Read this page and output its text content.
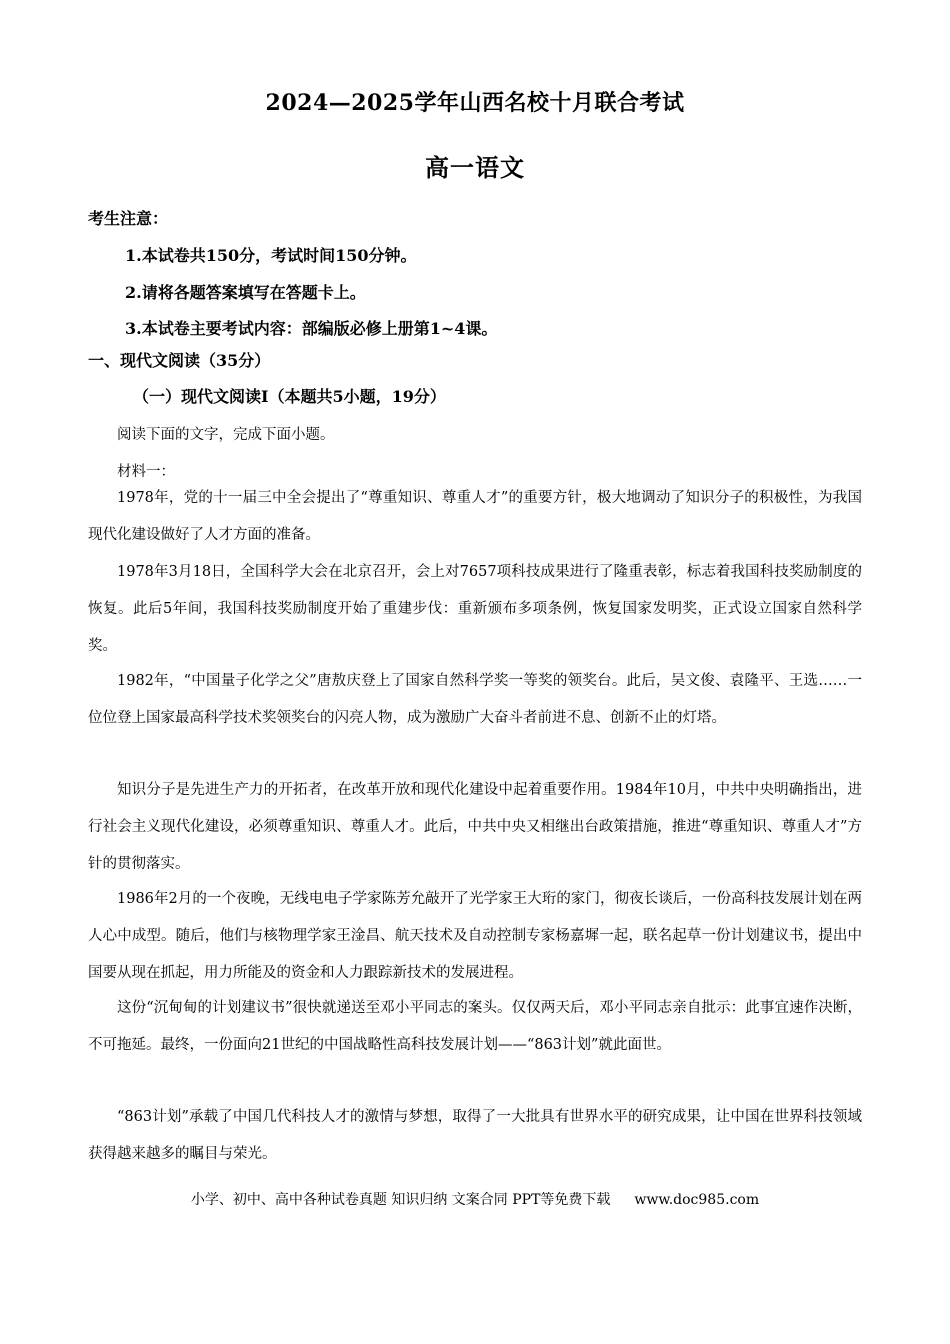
2024—2025学年山西名校十月联合考试
高一语文
考生注意：
1.本试卷共150分，考试时间150分钟。
2.请将各题答案填写在答题卡上。
3.本试卷主要考试内容：部编版必修上册第1~4课。
一、现代文阅读（35分）
（一）现代文阅读Ⅰ（本题共5小题，19分）
阅读下面的文字，完成下面小题。
材料一：
1978年，党的十一届三中全会提出了“尊重知识、尊重人才”的重要方针，极大地调动了知识分子的积极性，为我国现代化建设做好了人才方面的准备。
1978年3月18日，全国科学大会在北京召开，会上对7657项科技成果进行了隆重表彰，标志着我国科技奖励制度的恢复。此后5年间，我国科技奖励制度开始了重建步伐：重新颁布多项条例，恢复国家发明奖，正式设立国家自然科学奖。
1982年，“中国量子化学之父”唐敖庆登上了国家自然科学奖一等奖的领奖台。此后，吴文俊、袁隆平、王选……一位位登上国家最高科学技术奖领奖台的闪亮人物，成为激励广大奋斗者前进不息、创新不止的灯塔。
知识分子是先进生产力的开拓者，在改革开放和现代化建设中起着重要作用。1984年10月，中共中央明确指出，进行社会主义现代化建设，必须尊重知识、尊重人才。此后，中共中央又相继出台政策措施，推进“尊重知识、尊重人才”方针的贯彻落实。
1986年2月的一个夜晚，无线电电子学家陈芳允敲开了光学家王大珩的家门，彻夜长谈后，一份高科技发展计划在两人心中成型。随后，他们与核物理学家王淦昌、航天技术及自动控制专家杨嘉墀一起，联名起草一份计划建议书，提出中国要从现在抓起，用力所能及的资金和人力跟踪新技术的发展进程。
这份“沉甸甸的计划建议书”很快就递送至邓小平同志的案头。仅仅两天后，邓小平同志亲自批示：此事宜速作决断，不可拖延。最终，一份面向21世纪的中国战略性高科技发展计划——“863计划”就此面世。
“863计划”承载了中国几代科技人才的激情与梦想，取得了一大批具有世界水平的研究成果，让中国在世界科技领域获得越来越多的瞩目与荣光。
小学、初中、高中各种试卷真题 知识归纳 文案合同 PPT等免费下载 www.doc985.com
